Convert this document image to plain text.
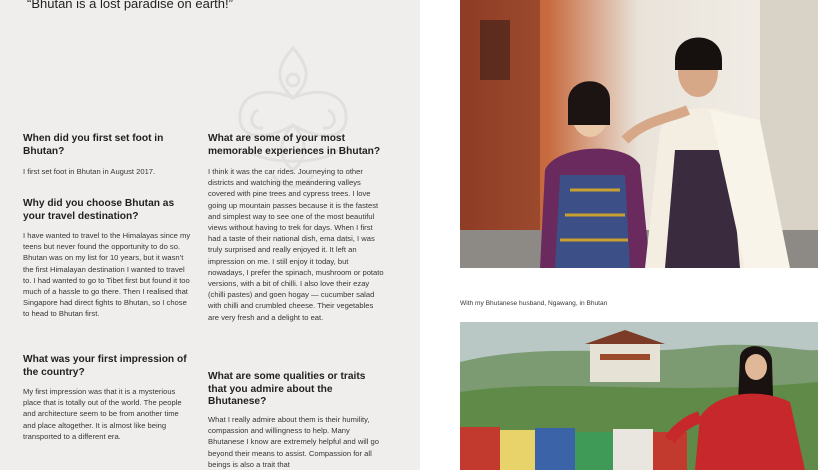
“Bhutan is a lost paradise on earth!”

When did you first set foot in Bhutan?

I first set foot in Bhutan in August 2017.

Why did you choose Bhutan as your travel destination?

I have wanted to travel to the Himalayas since my teens but never found the opportunity to do so. Bhutan was on my list for 10 years, but it wasn’t the first Himalayan destination I wanted to travel to. I had wanted to go to Tibet first but found it too much of a hassle to go there. Then I realised that Singapore had direct fights to Bhutan, so I chose to head to Bhutan first.

What was your first impression of the country?

My first impression was that it is a mysterious place that is totally out of the world. The people and architecture seem to be from another time and place altogether. It is almost like being transported to a different era.

What are some of your most memorable experiences in Bhutan?

I think it was the car rides. Journeying to other districts and watching the meandering valleys covered with pine trees and cypress trees. I love going up mountain passes because it is the fastest and simplest way to see one of the most beautiful views without having to trek for days. When I first had a taste of their national dish, ema datsi, I was truly surprised and really enjoyed it. It left an impression on me. I still enjoy it today, but nowadays, I prefer the spinach, mushroom or potato versions, with a bit of chilli. I also love their ezay (chilli pastes) and goen hogay — cucumber salad with chilli and crumbled cheese. Their vegetables are very fresh and a delight to eat.

What are some qualities or traits that you admire about the Bhutanese?

What I really admire about them is their humility, compassion and willingness to help. Many Bhutanese I know are extremely helpful and will go beyond their means to assist. Compassion for all beings is also a trait that

With my Bhutanese husband, Ngawang, in Bhutan
